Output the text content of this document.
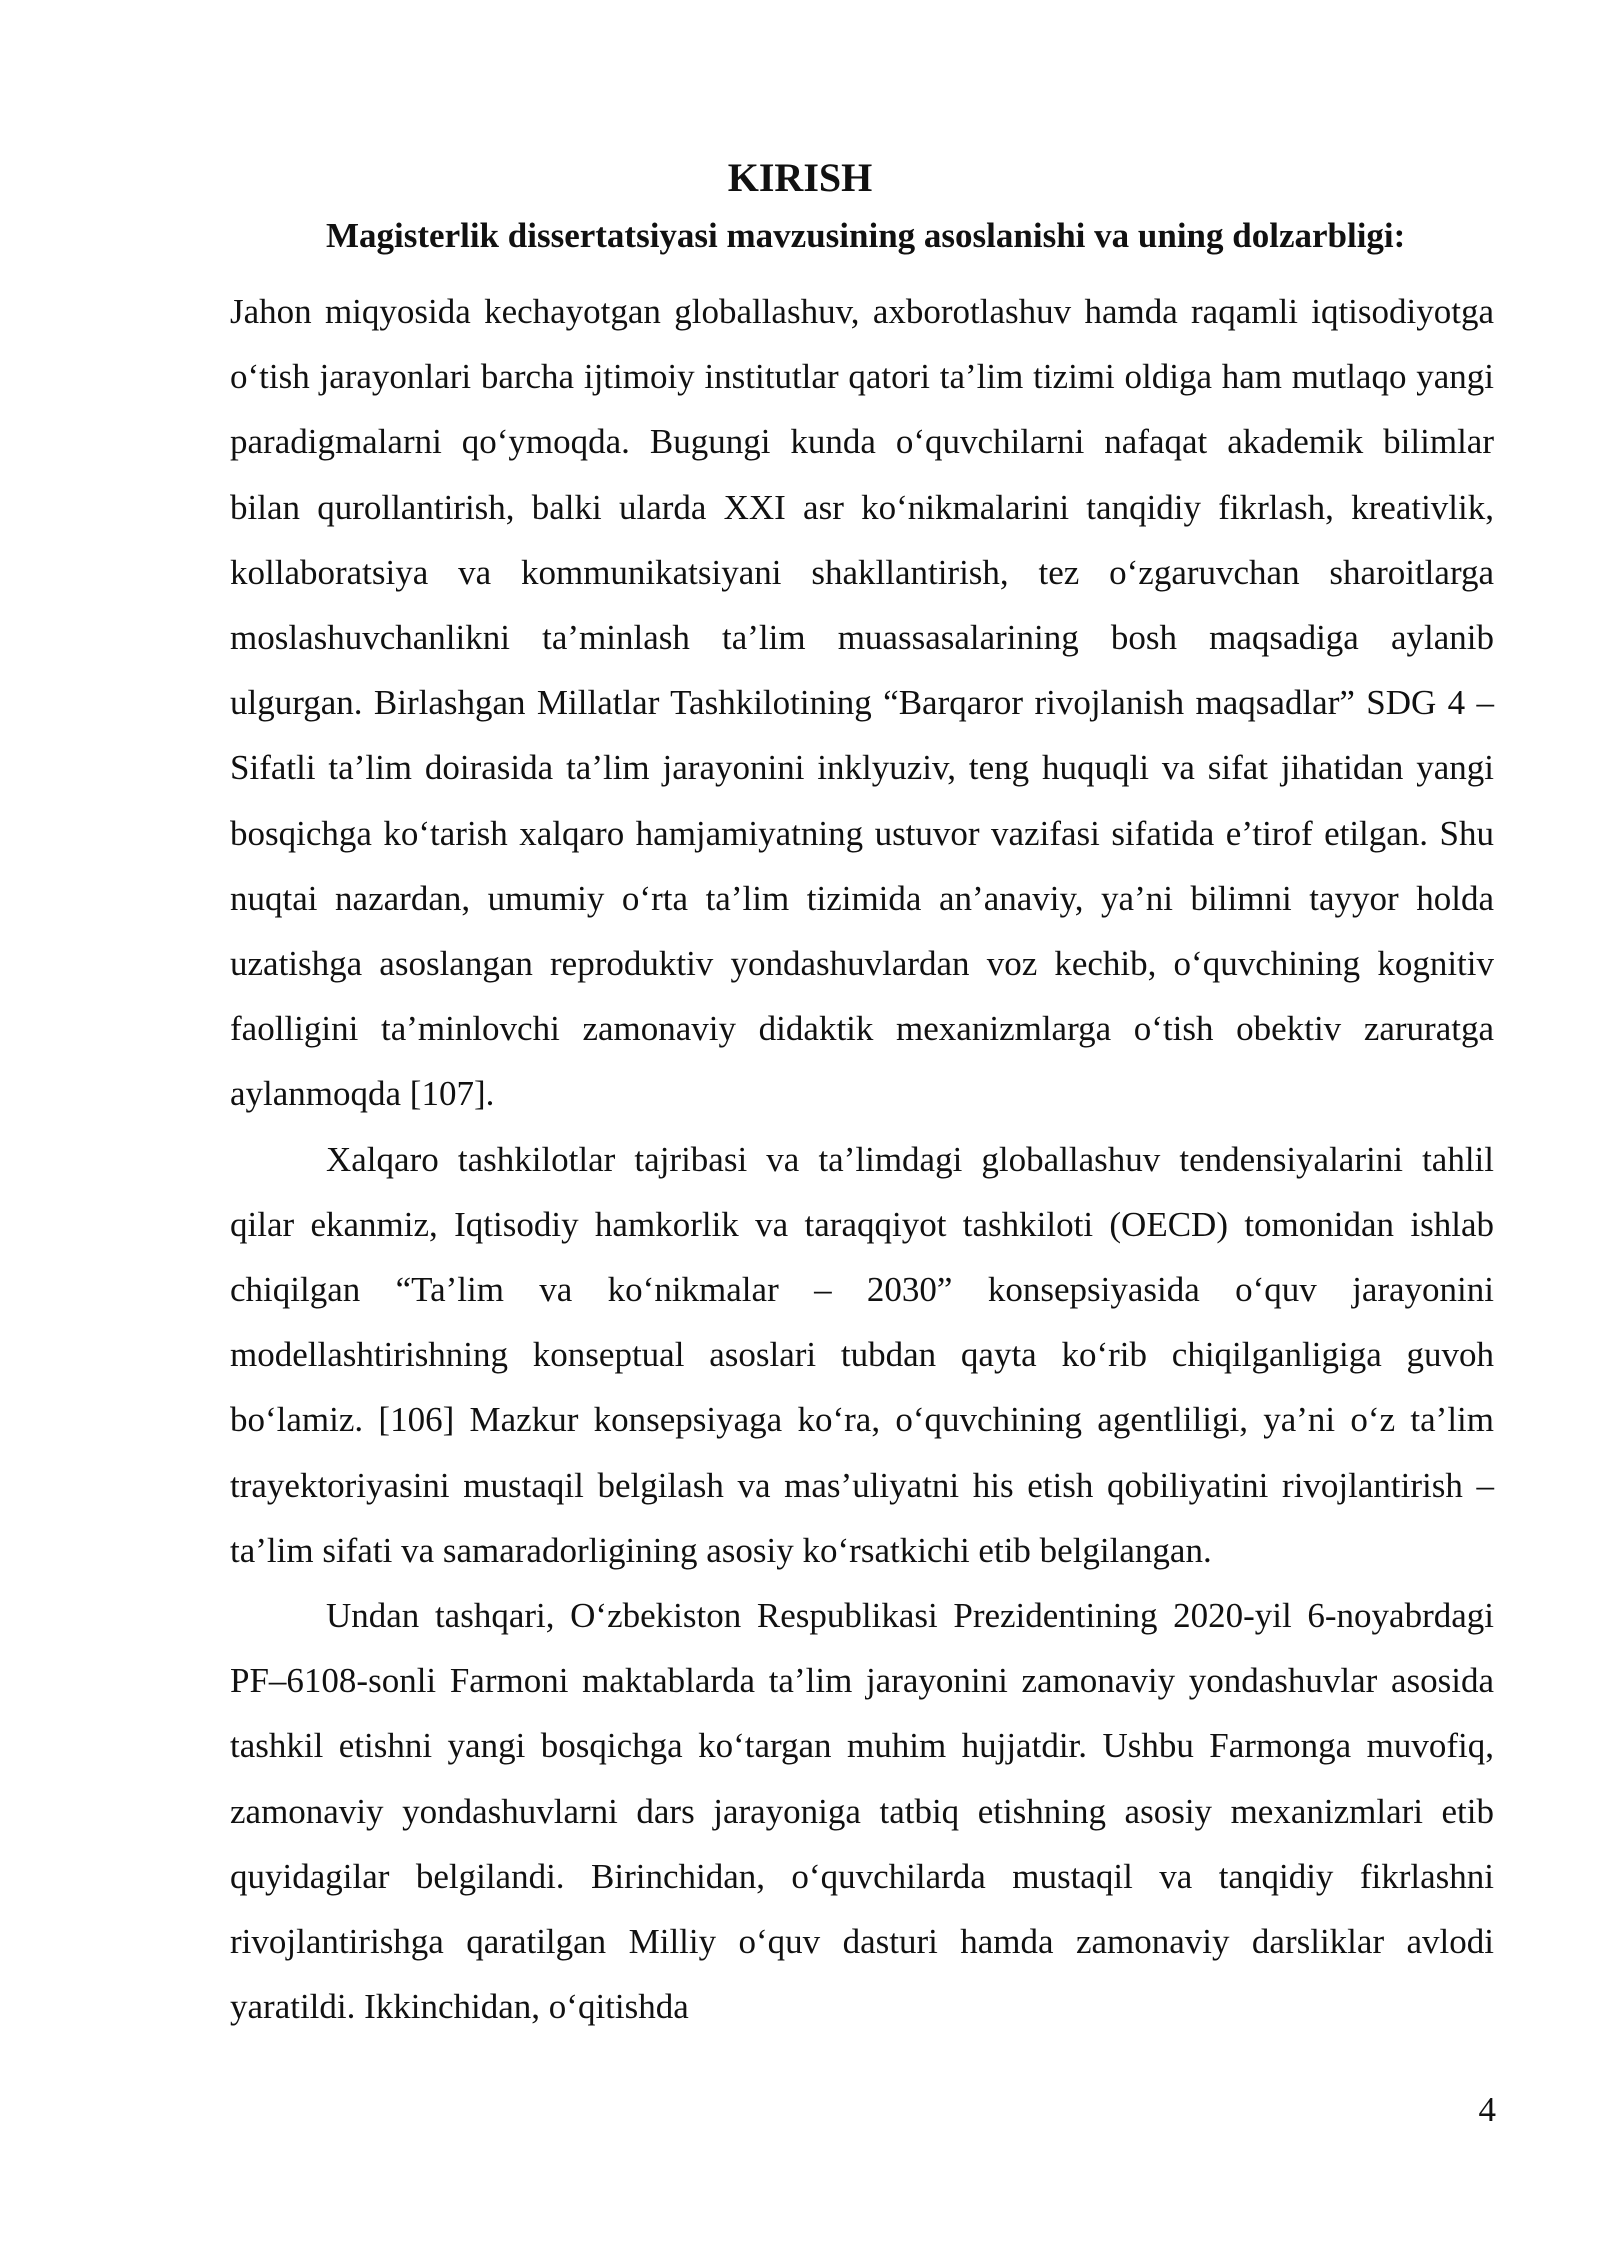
KIRISH
Magisterlik dissertatsiyasi mavzusining asoslanishi va uning dolzarbligi:

Jahon miqyosida kechayotgan globallashuv, axborotlashuv hamda raqamli iqtisodiyotga o‘tish jarayonlari barcha ijtimoiy institutlar qatori ta’lim tizimi oldiga ham mutlaqo yangi paradigmalarni qo‘ymoqda. Bugungi kunda o‘quvchilarni nafaqat akademik bilimlar bilan qurollantirish, balki ularda XXI asr ko‘nikmalarini tanqidiy fikrlash, kreativlik, kollaboratsiya va kommunikatsiyani shakllantirish, tez o‘zgaruvchan sharoitlarga moslashuvchanlikni ta’minlash ta’lim muassasalarining bosh maqsadiga aylanib ulgurgan. Birlashgan Millatlar Tashkilotining “Barqaror rivojlanish maqsadlar” SDG 4 – Sifatli ta’lim doirasida ta’lim jarayonini inklyuziv, teng huquqli va sifat jihatidan yangi bosqichga ko‘tarish xalqaro hamjamiyatning ustuvor vazifasi sifatida e’tirof etilgan. Shu nuqtai nazardan, umumiy o‘rta ta’lim tizimida an’anaviy, ya’ni bilimni tayyor holda uzatishga asoslangan reproduktiv yondashuvlardan voz kechib, o‘quvchining kognitiv faolligini ta’minlovchi zamonaviy didaktik mexanizmlarga o‘tish obektiv zaruratga aylanmoqda [107].

Xalqaro tashkilotlar tajribasi va ta’limdagi globallashuv tendensiyalarini tahlil qilar ekanmiz, Iqtisodiy hamkorlik va taraqqiyot tashkiloti (OECD) tomonidan ishlab chiqilgan “Ta’lim va ko‘nikmalar – 2030” konsepsiyasida o‘quv jarayonini modellashtirishning konseptual asoslari tubdan qayta ko‘rib chiqilganligiga guvoh bo‘lamiz. [106] Mazkur konsepsiyaga ko‘ra, o‘quvchining agentliligi, ya’ni o‘z ta’lim trayektoriyasini mustaqil belgilash va mas’uliyatni his etish qobiliyatini rivojlantirish – ta’lim sifati va samaradorligining asosiy ko‘rsatkichi etib belgilangan.

Undan tashqari, O‘zbekiston Respublikasi Prezidentining 2020-yil 6-noyabrdagi PF–6108-sonli Farmoni maktablarda ta’lim jarayonini zamonaviy yondashuvlar asosida tashkil etishni yangi bosqichga ko‘targan muhim hujjatdir. Ushbu Farmonga muvofiq, zamonaviy yondashuvlarni dars jarayoniga tatbiq etishning asosiy mexanizmlari etib quyidagilar belgilandi. Birinchidan, o‘quvchilarda mustaqil va tanqidiy fikrlashni rivojlantirishga qaratilgan Milliy o‘quv dasturi hamda zamonaviy darsliklar avlodi yaratildi. Ikkinchidan, o‘qitishda

4
